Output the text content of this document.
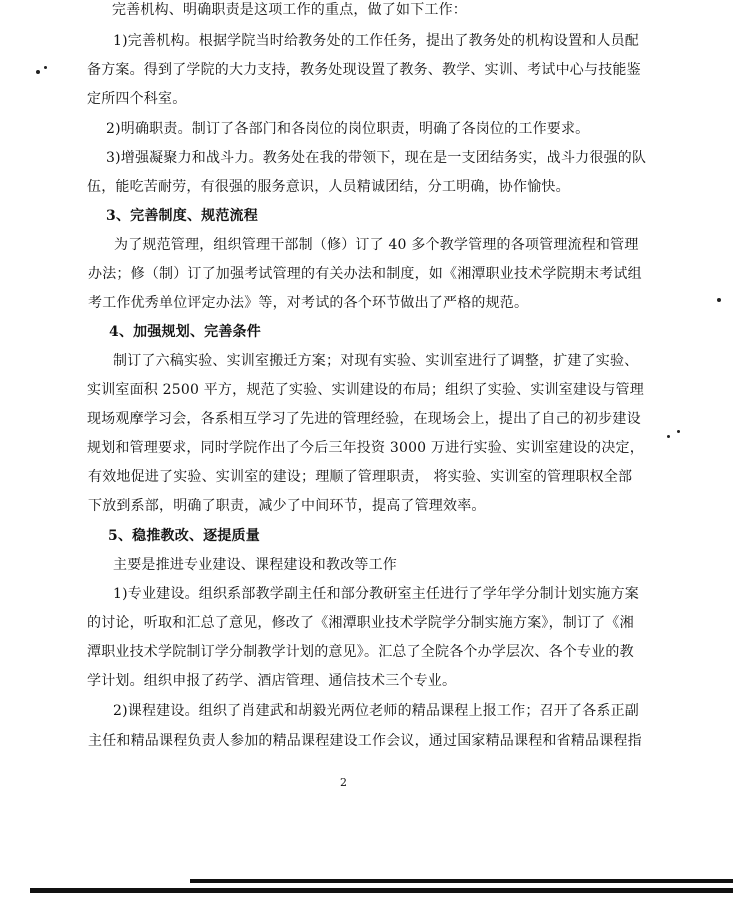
完善机构、明确职责是这项工作的重点，做了如下工作：
1)完善机构。根据学院当时给教务处的工作任务，提出了教务处的机构设置和人员配
备方案。得到了学院的大力支持，教务处现设置了教务、教学、实训、考试中心与技能鉴
定所四个科室。
2)明确职责。制订了各部门和各岗位的岗位职责，明确了各岗位的工作要求。
3)增强凝聚力和战斗力。教务处在我的带领下，现在是一支团结务实，战斗力很强的队
伍，能吃苦耐劳，有很强的服务意识，人员精诚团结，分工明确，协作愉快。
3、完善制度、规范流程
为了规范管理，组织管理干部制（修）订了 40 多个教学管理的各项管理流程和管理
办法；修（制）订了加强考试管理的有关办法和制度，如《湘潭职业技术学院期末考试组
考工作优秀单位评定办法》等，对考试的各个环节做出了严格的规范。
4、加强规划、完善条件
制订了六稿实验、实训室搬迁方案；对现有实验、实训室进行了调整，扩建了实验、
实训室面积 2500 平方，规范了实验、实训建设的布局；组织了实验、实训室建设与管理
现场观摩学习会，各系相互学习了先进的管理经验，在现场会上，提出了自己的初步建设
规划和管理要求，同时学院作出了今后三年投资 3000 万进行实验、实训室建设的决定，
有效地促进了实验、实训室的建设；理顺了管理职责， 将实验、实训室的管理职权全部
下放到系部，明确了职责，减少了中间环节，提高了管理效率。
5、稳推教改、逐提质量
主要是推进专业建设、课程建设和教改等工作
1)专业建设。组织系部教学副主任和部分教研室主任进行了学年学分制计划实施方案
的讨论，听取和汇总了意见，修改了《湘潭职业技术学院学分制实施方案》，制订了《湘
潭职业技术学院制订学分制教学计划的意见》。汇总了全院各个办学层次、各个专业的教
学计划。组织申报了药学、酒店管理、通信技术三个专业。
2)课程建设。组织了肖建武和胡毅光两位老师的精品课程上报工作；召开了各系正副
主任和精品课程负责人参加的精品课程建设工作会议，通过国家精品课程和省精品课程指
2
